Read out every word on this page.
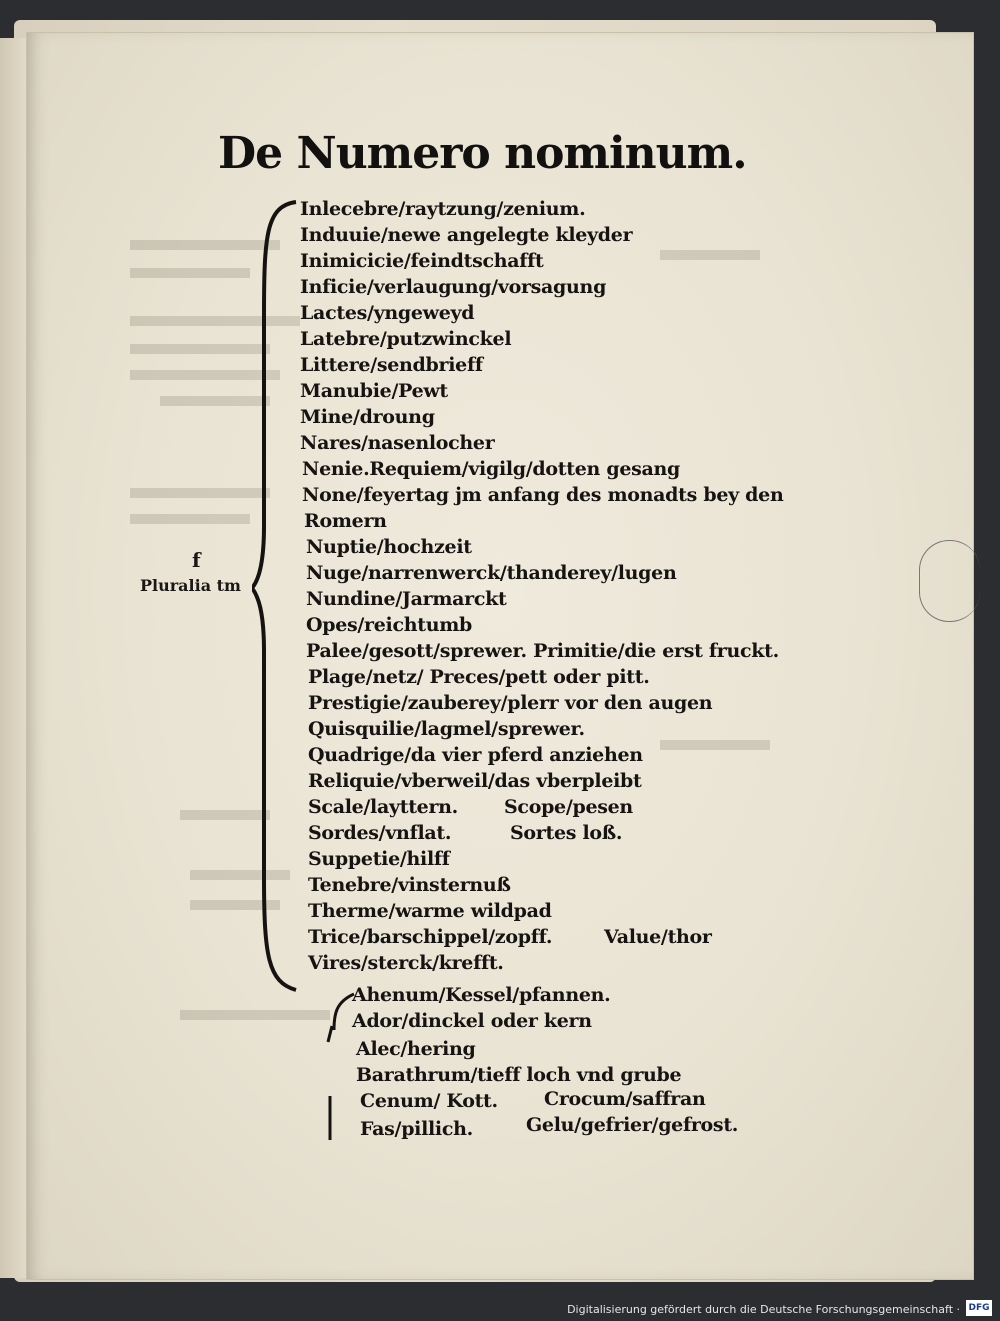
De Numero nominum.
f
Pluralia tm
Inlecebre/raytzung/zenium.
Induuie/newe angelegte kleyder
Inimicicie/feindtschafft
Inficie/verlaugung/vorsagung
Lactes/yngeweyd
Latebre/putzwinckel
Littere/sendbrieff
Manubie/Pewt
Mine/droung
Nares/nasenlocher
Nenie.Requiem/vigilg/dotten gesang
None/feyertag jm anfang des monadts bey den
Romern
Nuptie/hochzeit
Nuge/narrenwerck/thanderey/lugen
Nundine/Jarmarckt
Opes/reichtumb
Palee/gesott/sprewer. Primitie/die erst fruckt.
Plage/netz/ Preces/pett oder pitt.
Prestigie/zauberey/plerr vor den augen
Quisquilie/lagmel/sprewer.
Quadrige/da vier pferd anziehen
Reliquie/vberweil/das vberpleibt
Scale/layttern. Scope/pesen
Sordes/vnflat.	Sortes loß.
Suppetie/hilff
Tenebre/vinsternuß
Therme/warme wildpad
Trice/barschippel/zopff.	Value/thor
Vires/sterck/krefft.
Ahenum/Kessel/pfannen.
Ador/dinckel oder kern
Alec/hering
Barathrum/tieff loch vnd grube
Cenum/ Kott. Crocum/saffran
Fas/pillich.	Gelu/gefrier/gefrost.
Digitalisierung gefördert durch die Deutsche Forschungsgemeinschaft · DFG
